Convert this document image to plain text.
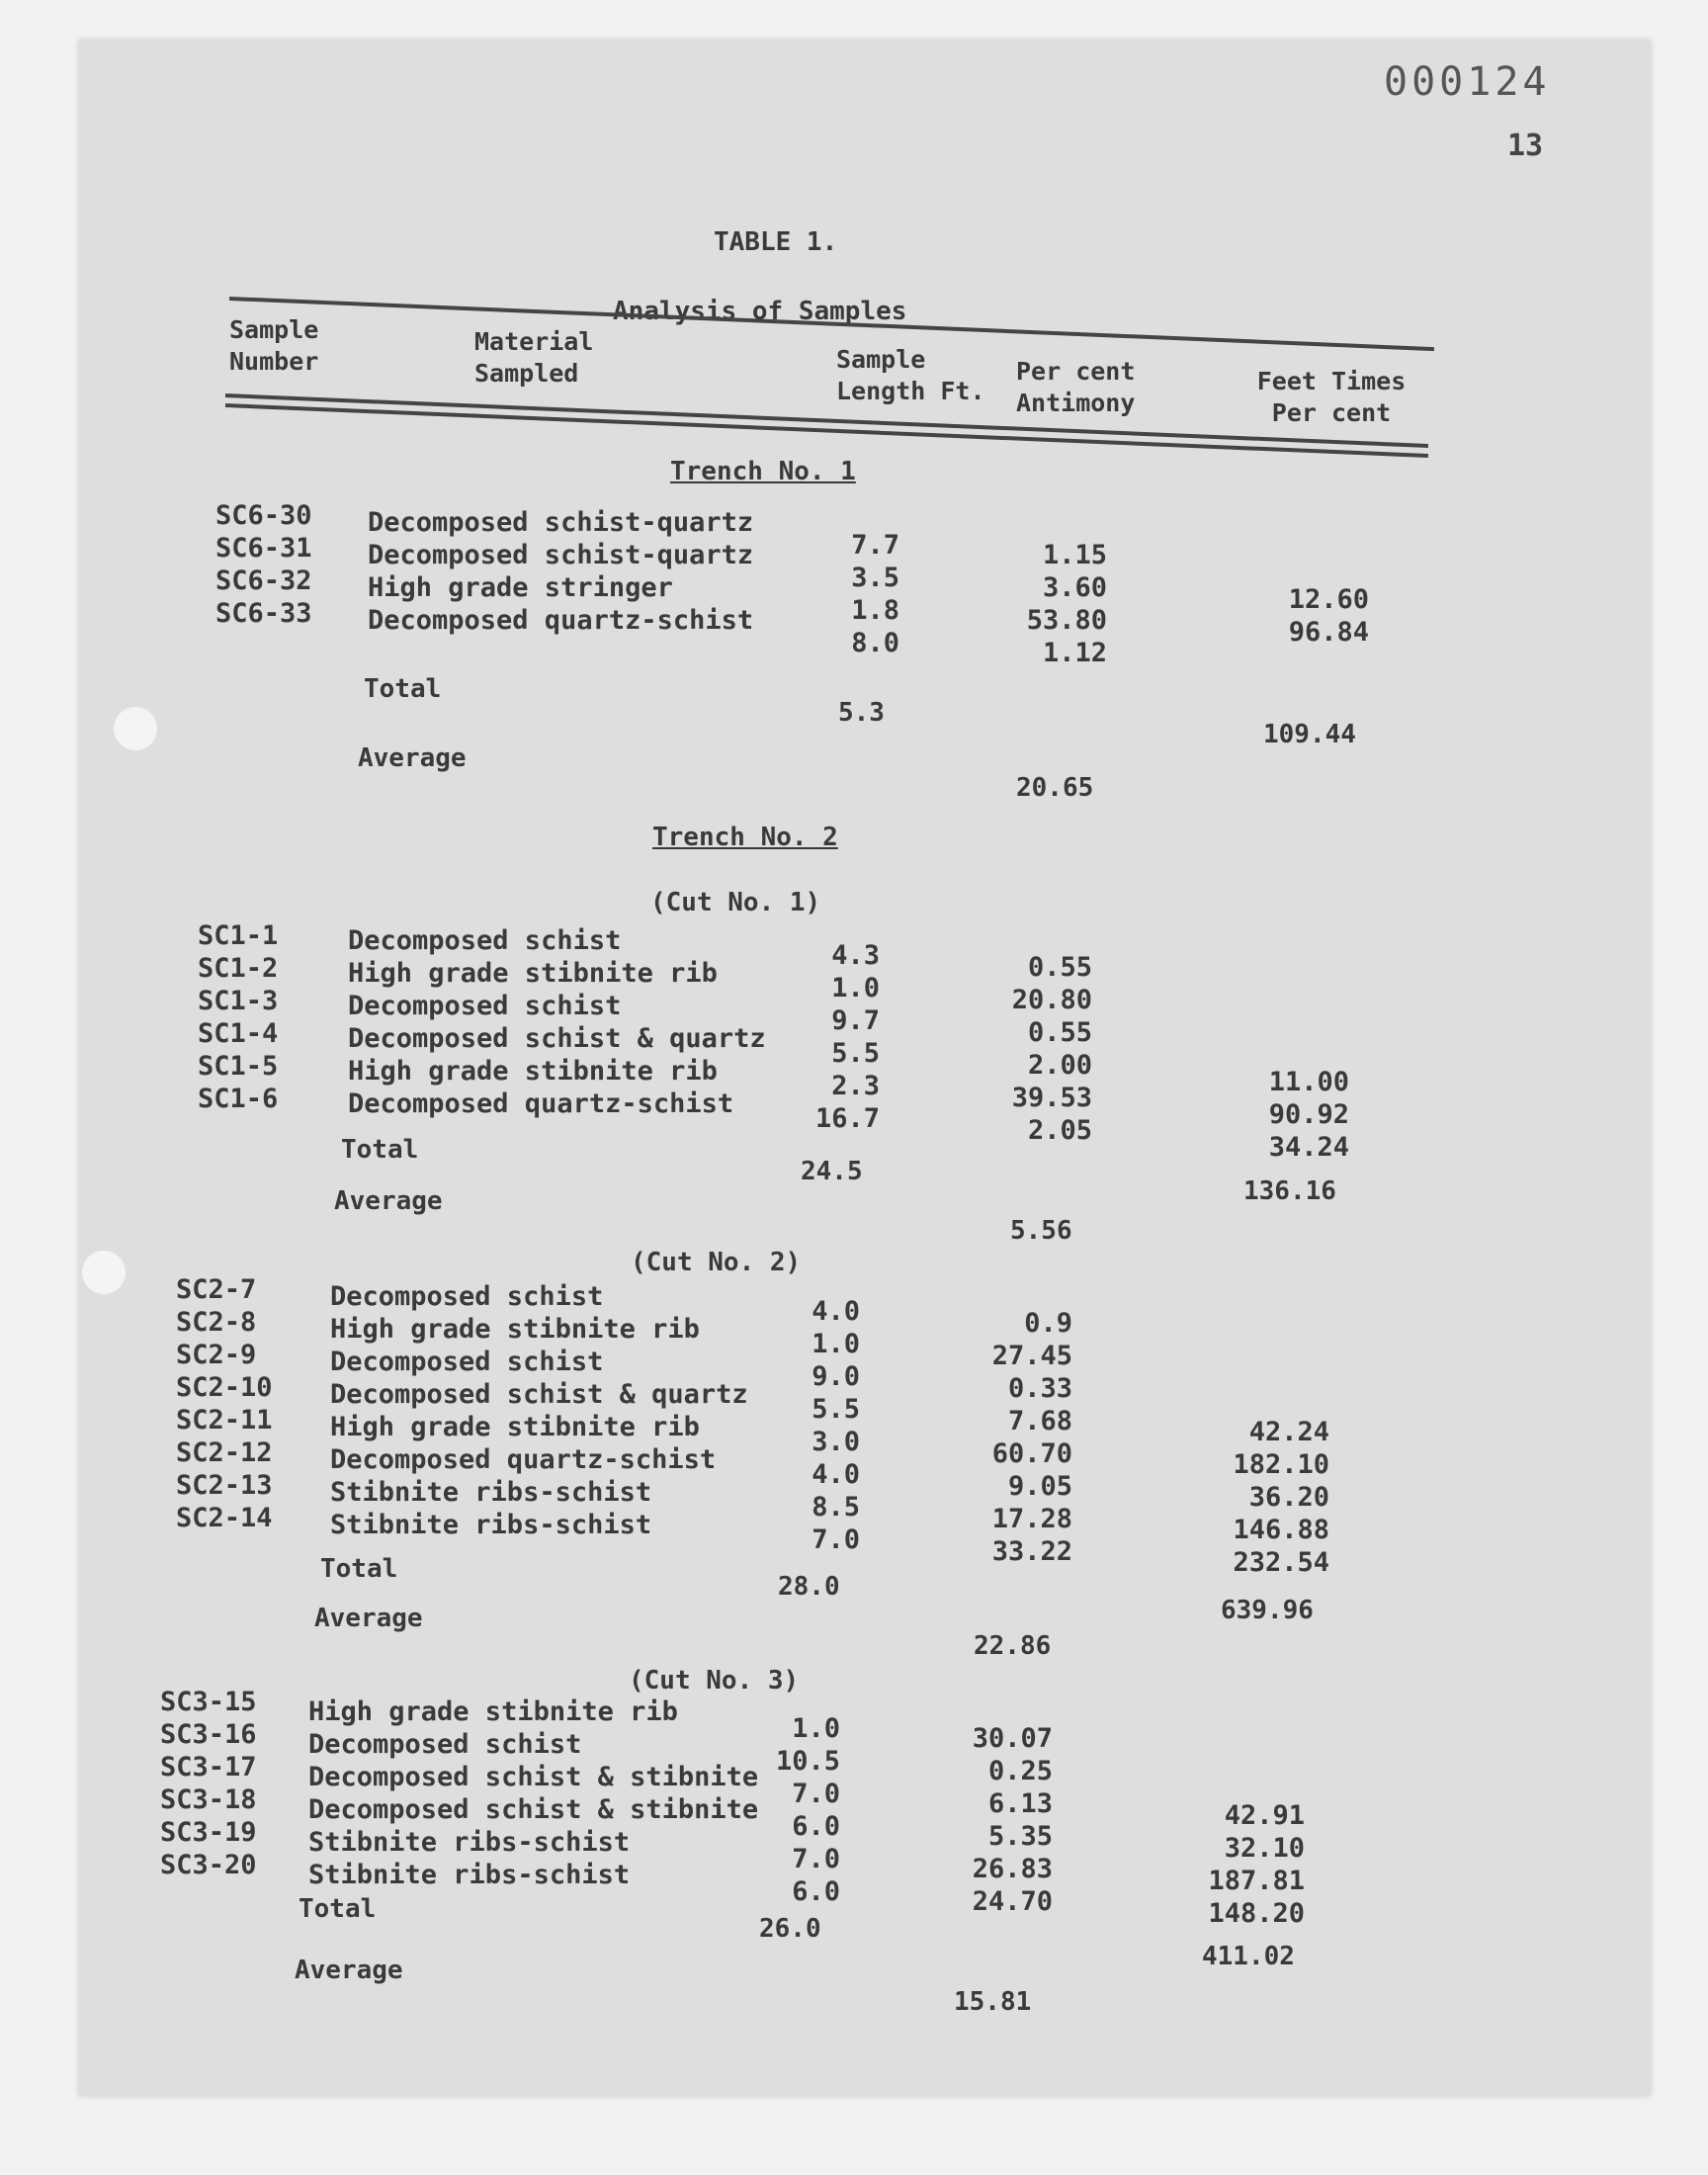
000124
13
TABLE 1.
Analysis of Samples
Sample Number
Material Sampled	Sample Length Ft.
Per cent Antimony
Feet Times Per cent
Trench No. 1
SC6-30
SC6-31
SC6-32
SC6-33
Decomposed schist-quartz
Decomposed schist-quartz
High grade stringer
Decomposed quartz-schist
7.7
3.5
1.8
8.0
1.15
3.60
53.80
1.12
12.60
96.84
Total
5.3
109.44
Average
20.65
Trench No. 2
(Cut No. 1)
SC1-1
SC1-2
SC1-3
SC1-4
SC1-5
SC1-6
Decomposed schist
High grade stibnite rib
Decomposed schist
Decomposed schist & quartz
High grade stibnite rib
Decomposed quartz-schist
4.3
1.0
9.7
5.5
2.3
16.7
0.55
20.80
0.55
2.00
39.53
2.05
11.00
90.92
34.24
Total
24.5
136.16
Average
5.56
(Cut No. 2)
SC2-7
SC2-8
SC2-9
SC2-10
SC2-11
SC2-12
SC2-13
SC2-14
Decomposed schist
High grade stibnite rib
Decomposed schist
Decomposed schist & quartz
High grade stibnite rib
Decomposed quartz-schist
Stibnite ribs-schist
Stibnite ribs-schist
4.0
1.0
9.0
5.5
3.0
4.0
8.5
7.0
0.9
27.45
0.33
7.68
60.70
9.05
17.28
33.22
42.24
182.10
36.20
146.88
232.54
Total
28.0
639.96
Average
22.86
(Cut No. 3)
SC3-15
SC3-16
SC3-17
SC3-18
SC3-19
SC3-20
High grade stibnite rib
Decomposed schist
Decomposed schist & stibnite
Decomposed schist & stibnite
Stibnite ribs-schist
Stibnite ribs-schist
1.0
10.5
7.0
6.0
7.0
6.0
30.07
0.25
6.13
5.35
26.83
24.70
42.91
32.10
187.81
148.20
Total
26.0
411.02
Average
15.81
